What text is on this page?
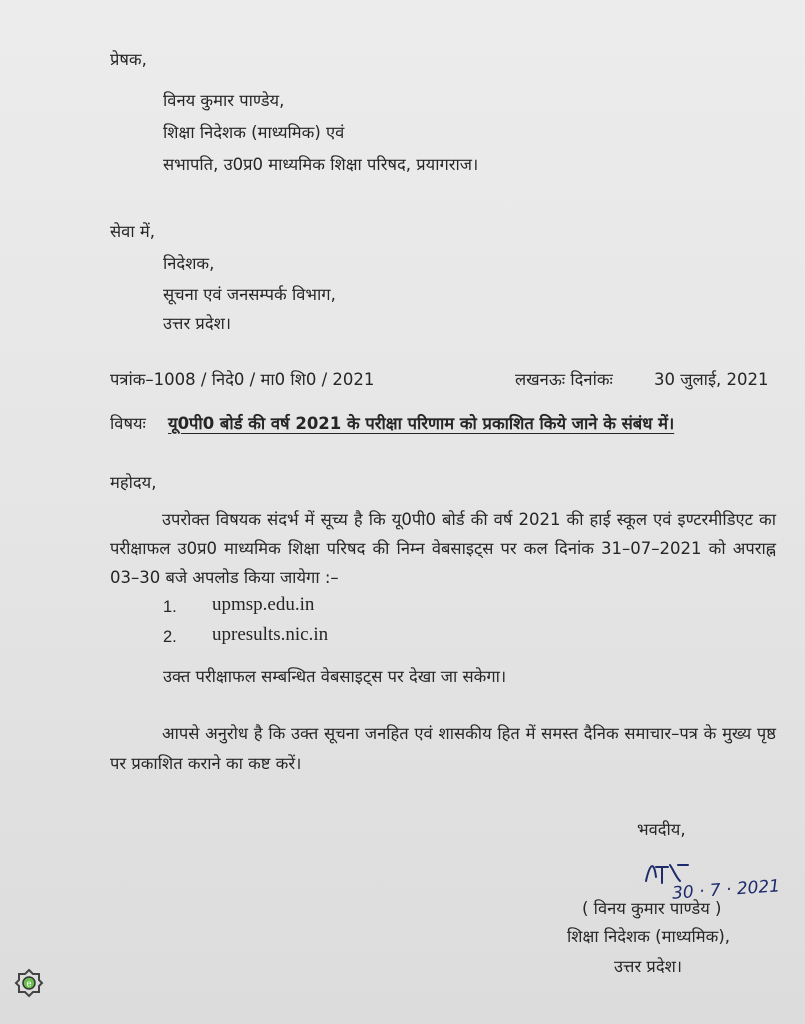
प्रेषक,
विनय कुमार पाण्डेय,
शिक्षा निदेशक (माध्यमिक) एवं
सभापति, उ0प्र0 माध्यमिक शिक्षा परिषद, प्रयागराज।
सेवा में,
निदेशक,
सूचना एवं जनसम्पर्क विभाग,
उत्तर प्रदेश।
पत्रांक–1008 / निदे0 / मा0 शि0 / 2021	लखनऊः दिनांकः 30 जुलाई, 2021
विषयः यू0पी0 बोर्ड की वर्ष 2021 के परीक्षा परिणाम को प्रकाशित किये जाने के संबंध में।
महोदय,
उपरोक्त विषयक संदर्भ में सूच्य है कि यू0पी0 बोर्ड की वर्ष 2021 की हाई स्कूल एवं इण्टरमीडिएट का परीक्षाफल उ0प्र0 माध्यमिक शिक्षा परिषद की निम्न वेबसाइट्स पर कल दिनांक 31–07–2021 को अपराह्न 03–30 बजे अपलोड किया जायेगा :–
1. upmsp.edu.in
2. upresults.nic.in
उक्त परीक्षाफल सम्बन्धित वेबसाइट्स पर देखा जा सकेगा।
आपसे अनुरोध है कि उक्त सूचना जनहित एवं शासकीय हित में समस्त दैनिक समाचार–पत्र के मुख्य पृष्ठ पर प्रकाशित कराने का कष्ट करें।
भवदीय,
30 · 7 · 2021
( विनय कुमार पाण्डेय )
शिक्षा निदेशक (माध्यमिक),
उत्तर प्रदेश।
e
